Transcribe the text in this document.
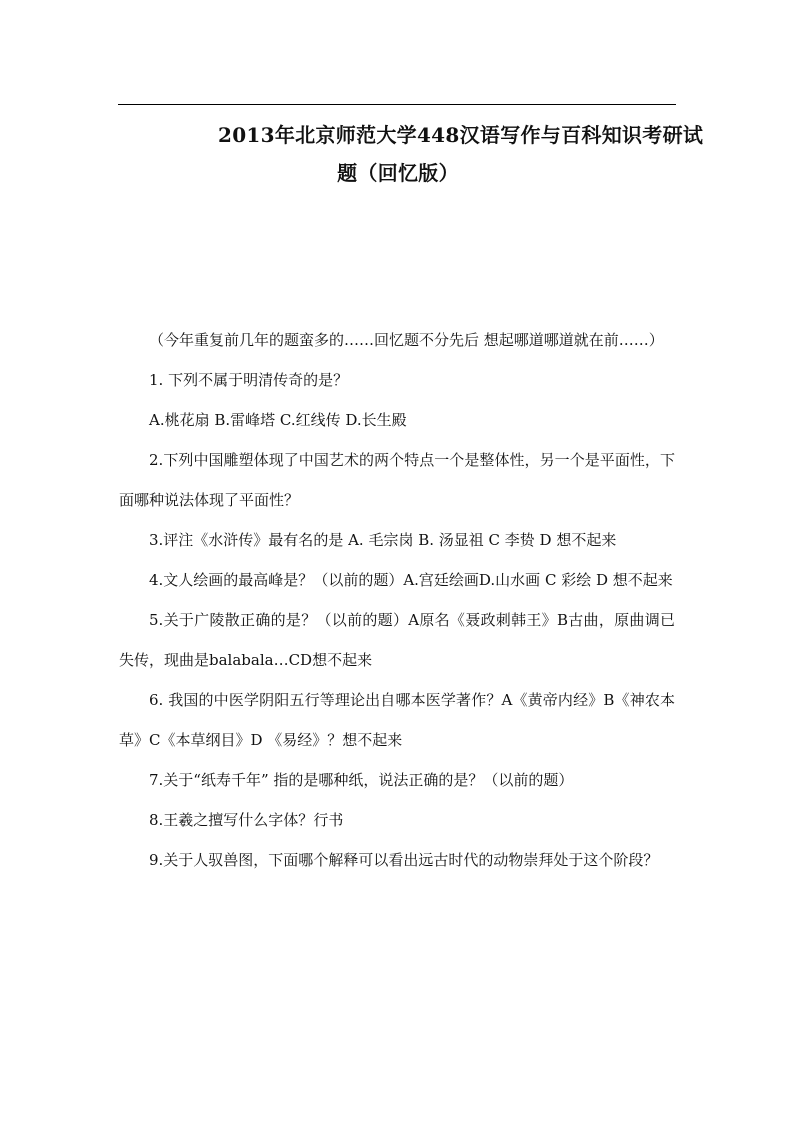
2013年北京师范大学448汉语写作与百科知识考研试
题（回忆版）

（今年重复前几年的题蛮多的……回忆题不分先后 想起哪道哪道就在前……）

1. 下列不属于明清传奇的是？

A.桃花扇 B.雷峰塔 C.红线传 D.长生殿

2.下列中国雕塑体现了中国艺术的两个特点一个是整体性，另一个是平面性，下面哪种说法体现了平面性？

3.评注《水浒传》最有名的是 A. 毛宗岗 B. 汤显祖 C 李贽 D 想不起来

4.文人绘画的最高峰是？（以前的题）A.宫廷绘画D.山水画 C 彩绘 D 想不起来

5.关于广陵散正确的是？（以前的题）A原名《聂政刺韩王》B古曲，原曲调已失传，现曲是balabala…CD想不起来

6. 我国的中医学阴阳五行等理论出自哪本医学著作？A《黄帝内经》B《神农本草》C《本草纲目》D 《易经》？想不起来

7.关于“纸寿千年” 指的是哪种纸，说法正确的是？（以前的题）

8.王羲之擅写什么字体？行书

9.关于人驭兽图，下面哪个解释可以看出远古时代的动物崇拜处于这个阶段？
